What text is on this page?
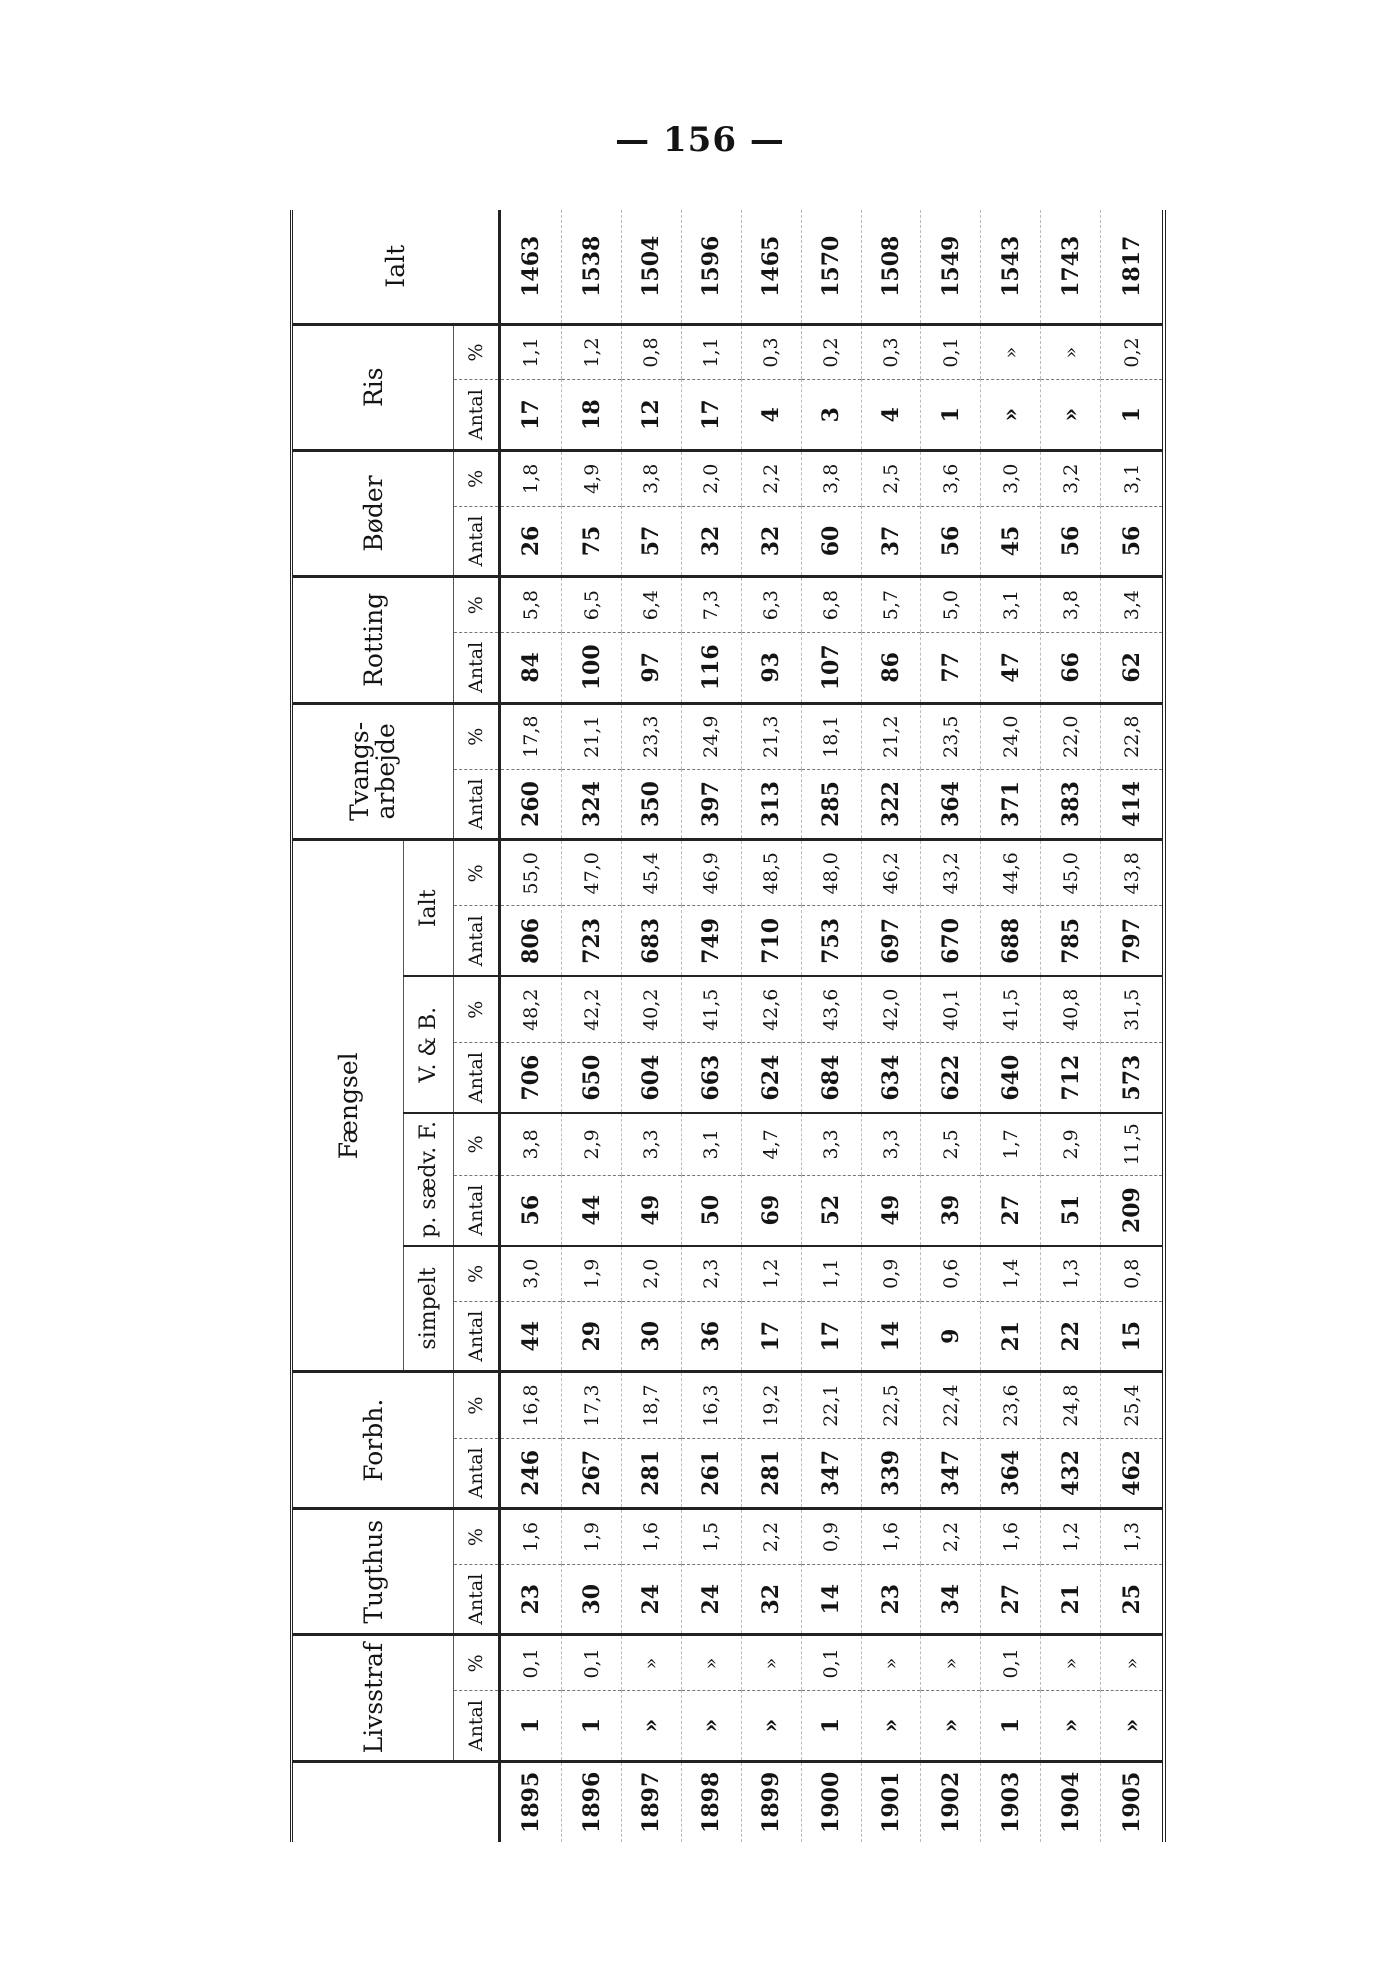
— 156 —
	Livsstraf		Tugthus		Forbh.		Fængsel								Tvangs-arbejde		Rotting		Bøder		Ris		Ialt
							simpelt		p. sædv. F.		V. & B.		Ialt										
	Antal	%	Antal	%	Antal	%	Antal	%	Antal	%	Antal	%	Antal	%	Antal	%	Antal	%	Antal	%	Antal	%	
1895	1	0,1	23	1,6	246	16,8	44	3,0	56	3,8	706	48,2	806	55,0	260	17,8	84	5,8	26	1,8	17	1,1	1463
1896	1	0,1	30	1,9	267	17,3	29	1,9	44	2,9	650	42,2	723	47,0	324	21,1	100	6,5	75	4,9	18	1,2	1538
1897	»	»	24	1,6	281	18,7	30	2,0	49	3,3	604	40,2	683	45,4	350	23,3	97	6,4	57	3,8	12	0,8	1504
1898	»	»	24	1,5	261	16,3	36	2,3	50	3,1	663	41,5	749	46,9	397	24,9	116	7,3	32	2,0	17	1,1	1596
1899	»	»	32	2,2	281	19,2	17	1,2	69	4,7	624	42,6	710	48,5	313	21,3	93	6,3	32	2,2	4	0,3	1465
1900	1	0,1	14	0,9	347	22,1	17	1,1	52	3,3	684	43,6	753	48,0	285	18,1	107	6,8	60	3,8	3	0,2	1570
1901	»	»	23	1,6	339	22,5	14	0,9	49	3,3	634	42,0	697	46,2	322	21,2	86	5,7	37	2,5	4	0,3	1508
1902	»	»	34	2,2	347	22,4	9	0,6	39	2,5	622	40,1	670	43,2	364	23,5	77	5,0	56	3,6	1	0,1	1549
1903	1	0,1	27	1,6	364	23,6	21	1,4	27	1,7	640	41,5	688	44,6	371	24,0	47	3,1	45	3,0	»	»	1543
1904	»	»	21	1,2	432	24,8	22	1,3	51	2,9	712	40,8	785	45,0	383	22,0	66	3,8	56	3,2	»	»	1743
1905	»	»	25	1,3	462	25,4	15	0,8	209	11,5	573	31,5	797	43,8	414	22,8	62	3,4	56	3,1	1	0,2	1817
